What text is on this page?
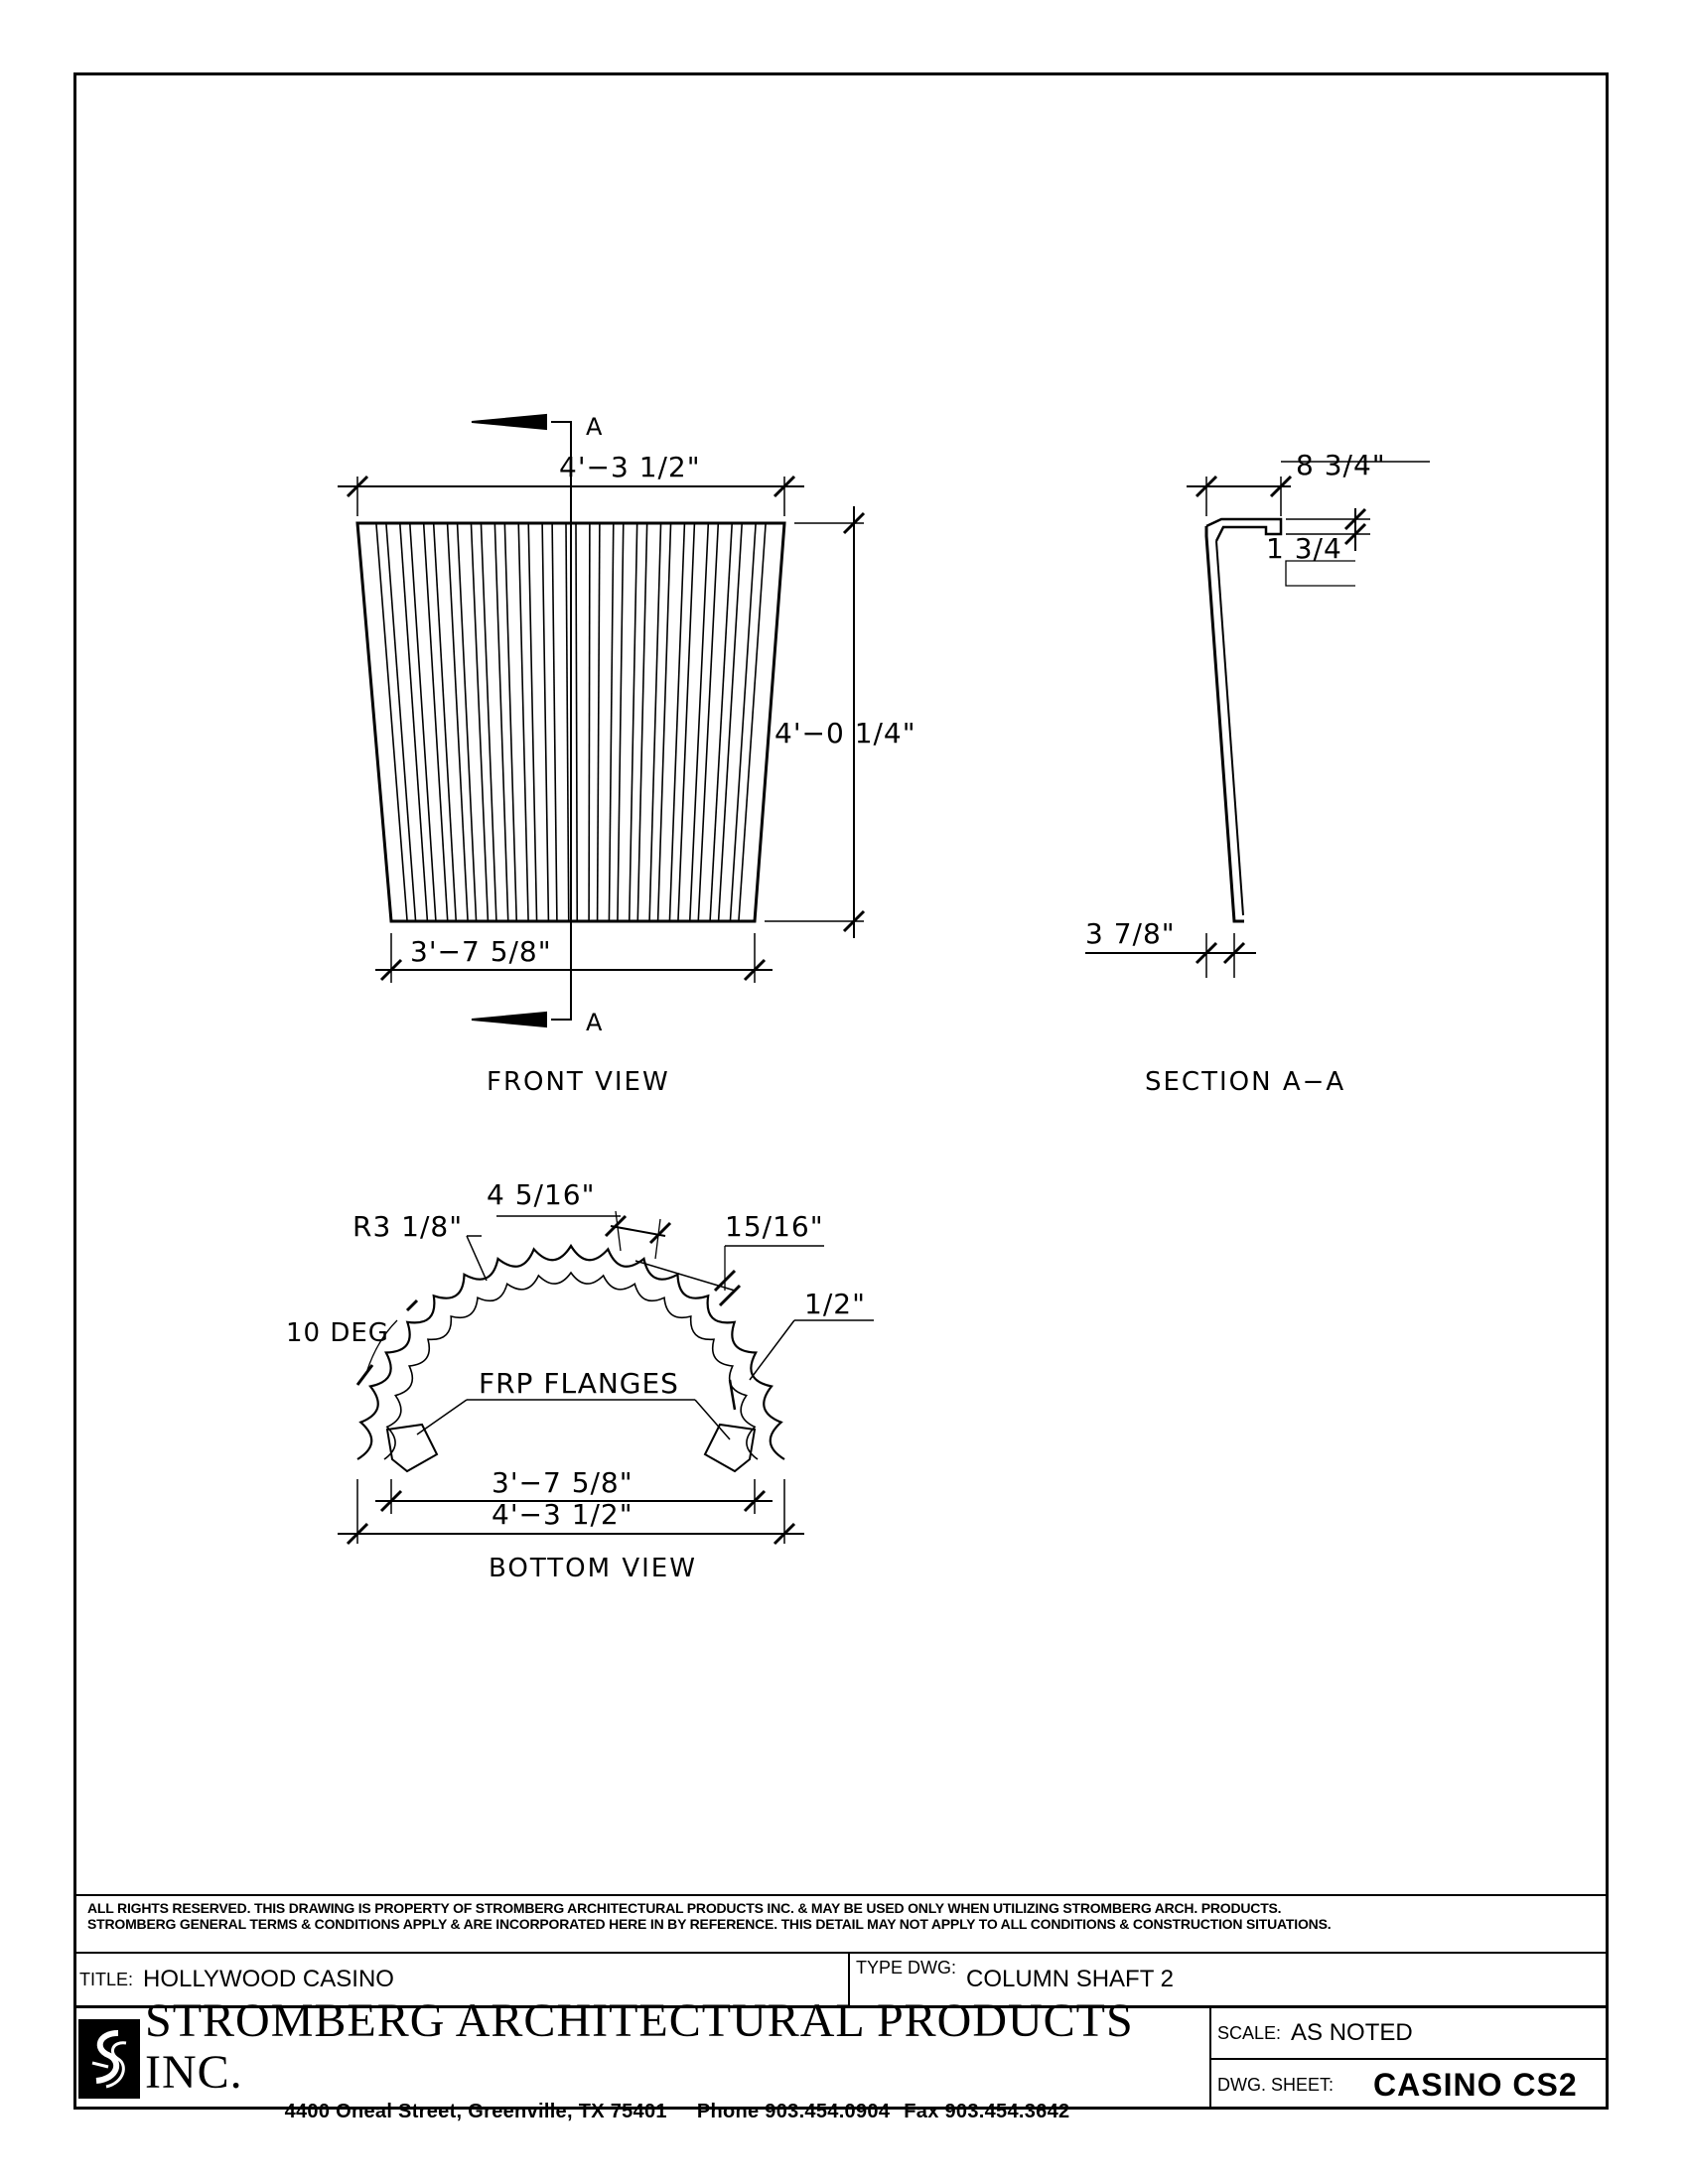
A
A
4'−3 1/2"
4'−0 1/4"
3'−7 5/8"
FRONT VIEW
8 3/4"
1 3/4
3 7/8"
SECTION A−A
4 5/16"
R3 1/8"	15/16"
1/2"
10 DEG
FRP FLANGES
3'−7 5/8"
4'−3 1/2"
BOTTOM VIEW
ALL RIGHTS RESERVED. THIS DRAWING IS PROPERTY OF STROMBERG ARCHITECTURAL PRODUCTS INC. & MAY BE USED ONLY WHEN UTILIZING STROMBERG ARCH. PRODUCTS.
STROMBERG GENERAL TERMS & CONDITIONS APPLY & ARE INCORPORATED HERE IN BY REFERENCE. THIS DETAIL MAY NOT APPLY TO ALL CONDITIONS & CONSTRUCTION SITUATIONS.
TITLE: HOLLYWOOD CASINO	TYPE DWG: COLUMN SHAFT 2
STROMBERG ARCHITECTURAL PRODUCTS INC.
4400 Oneal Street, Greenville, TX 75401 Phone 903.454.0904 Fax 903.454.3642
SCALE: AS NOTED
DWG. SHEET: CASINO CS2
